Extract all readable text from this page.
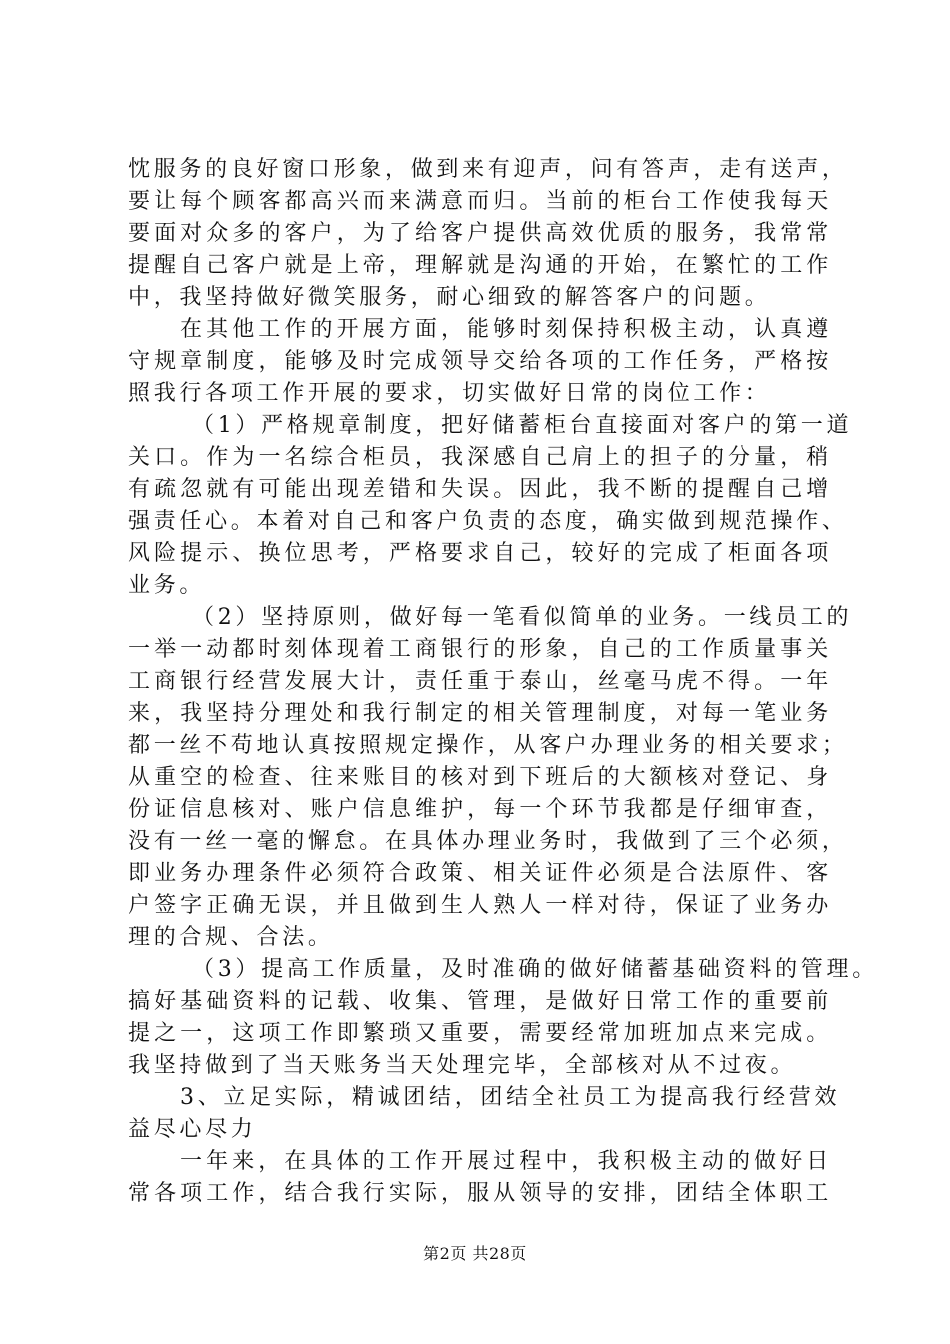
忱服务的良好窗口形象，做到来有迎声，问有答声，走有送声，
要让每个顾客都高兴而来满意而归。当前的柜台工作使我每天
要面对众多的客户，为了给客户提供高效优质的服务，我常常
提醒自己客户就是上帝，理解就是沟通的开始，在繁忙的工作
中，我坚持做好微笑服务，耐心细致的解答客户的问题。
在其他工作的开展方面，能够时刻保持积极主动，认真遵
守规章制度，能够及时完成领导交给各项的工作任务，严格按
照我行各项工作开展的要求，切实做好日常的岗位工作：
（1）严格规章制度，把好储蓄柜台直接面对客户的第一道
关口。作为一名综合柜员，我深感自己肩上的担子的分量，稍
有疏忽就有可能出现差错和失误。因此，我不断的提醒自己增
强责任心。本着对自己和客户负责的态度，确实做到规范操作、
风险提示、换位思考，严格要求自己，较好的完成了柜面各项
业务。
（2）坚持原则，做好每一笔看似简单的业务。一线员工的
一举一动都时刻体现着工商银行的形象，自己的工作质量事关
工商银行经营发展大计，责任重于泰山，丝毫马虎不得。一年
来，我坚持分理处和我行制定的相关管理制度，对每一笔业务
都一丝不苟地认真按照规定操作，从客户办理业务的相关要求；
从重空的检查、往来账目的核对到下班后的大额核对登记、身
份证信息核对、账户信息维护，每一个环节我都是仔细审查，
没有一丝一毫的懈怠。在具体办理业务时，我做到了三个必须，
即业务办理条件必须符合政策、相关证件必须是合法原件、客
户签字正确无误，并且做到生人熟人一样对待，保证了业务办
理的合规、合法。
（3）提高工作质量，及时准确的做好储蓄基础资料的管理。
搞好基础资料的记载、收集、管理，是做好日常工作的重要前
提之一，这项工作即繁琐又重要，需要经常加班加点来完成。
我坚持做到了当天账务当天处理完毕，全部核对从不过夜。
3、立足实际，精诚团结，团结全社员工为提高我行经营效
益尽心尽力
一年来，在具体的工作开展过程中，我积极主动的做好日
常各项工作，结合我行实际，服从领导的安排，团结全体职工
第2页 共28页
